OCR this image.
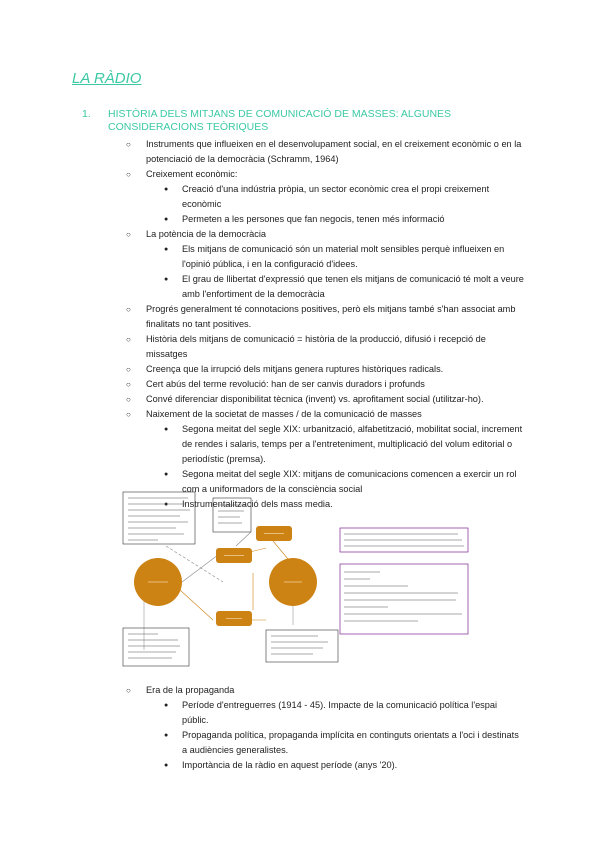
LA RÀDIO
1. HISTÒRIA DELS MITJANS DE COMUNICACIÓ DE MASSES: ALGUNES CONSIDERACIONS TEÒRIQUES
○ Instruments que influeixen en el desenvolupament social, en el creixement econòmic o en la potenciació de la democràcia (Schramm, 1964)
○ Creixement econòmic:
● Creació d'una indústria pròpia, un sector econòmic crea el propi creixement econòmic
● Permeten a les persones que fan negocis, tenen més informació
○ La potència de la democràcia
● Els mitjans de comunicació són un material molt sensibles perquè influeixen en l'opinió pública, i en la configuració d'idees.
● El grau de llibertat d'expressió que tenen els mitjans de comunicació té molt a veure amb l'enfortiment de la democràcia
○ Progrés generalment té connotacions positives, però els mitjans també s'han associat amb finalitats no tant positives.
○ Història dels mitjans de comunicació = història de la producció, difusió i recepció de missatges
○ Creença que la irrupció dels mitjans genera ruptures històriques radicals.
○ Cert abús del terme revolució: han de ser canvis duradors i profunds
○ Convé diferenciar disponibilitat tècnica (invent) vs. aprofitament social (utilitzar-ho).
○ Naixement de la societat de masses / de la comunicació de masses
● Segona meitat del segle XIX: urbanització, alfabetització, mobilitat social, increment de rendes i salaris, temps per a l'entreteniment, multiplicació del volum editorial o periodístic (premsa).
● Segona meitat del segle XIX: mitjans de comunicacions comencen a exercir un rol com a uniformadors de la consciència social
● Instrumentalització dels mass media.
○ Era de la propaganda
● Període d'entreguerres (1914 - 45). Impacte de la comunicació política l'espai públic.
● Propaganda política, propaganda implícita en continguts orientats a l'oci i destinats a audiències generalistes.
● Importància de la ràdio en aquest període (anys '20).
